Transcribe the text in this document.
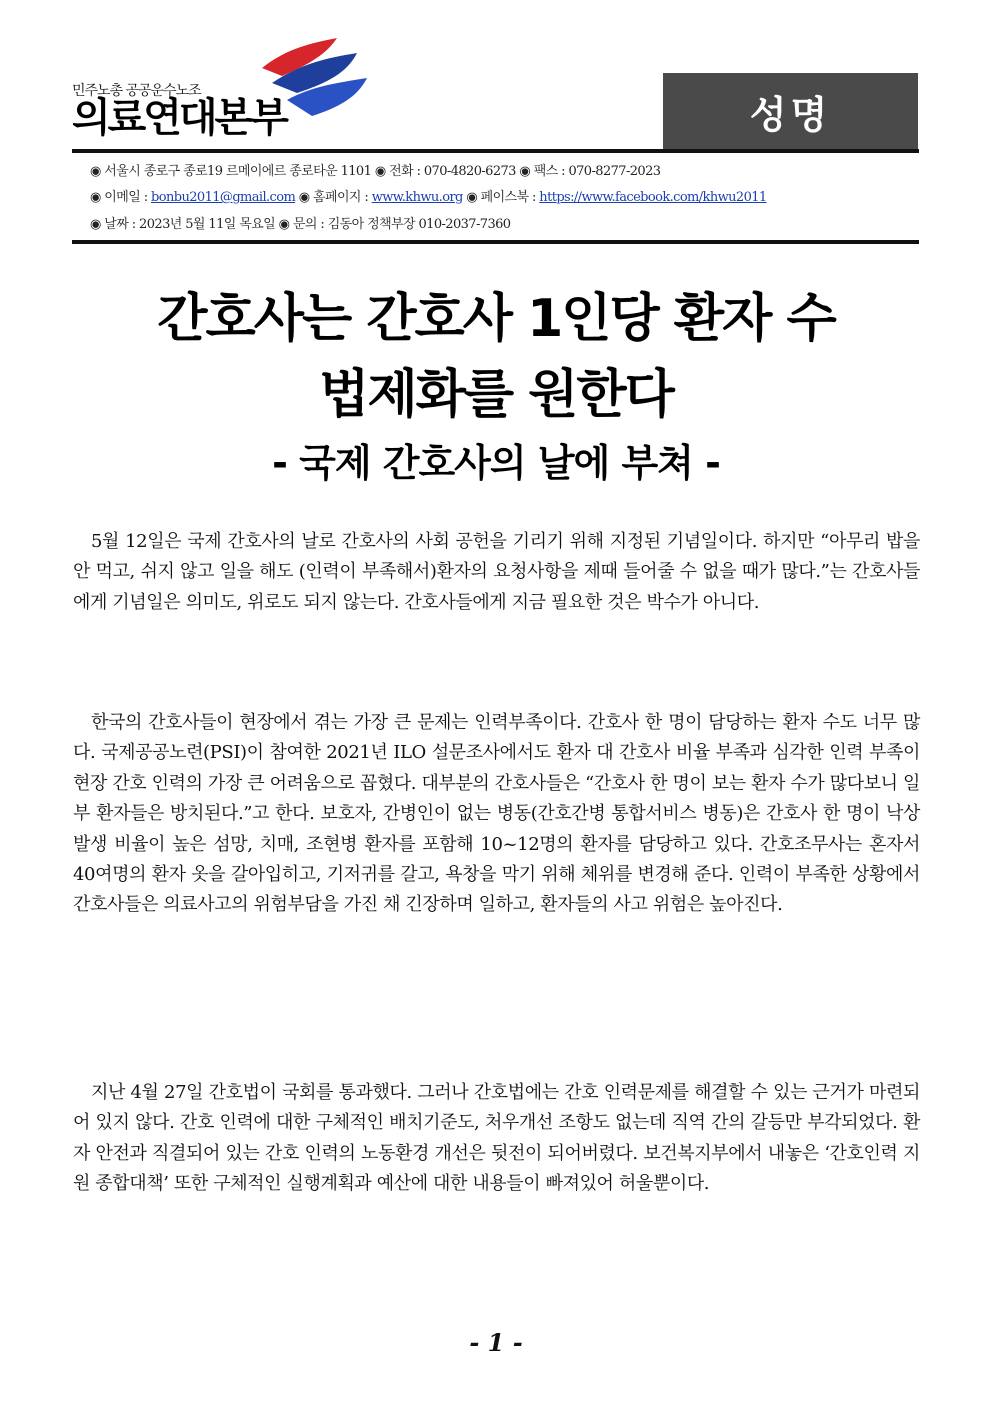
민주노총 공공운수노조
의료연대본부	성명
◉ 서울시 종로구 종로19 르메이에르 종로타운 1101 ◉ 전화 : 070-4820-6273 ◉ 팩스 : 070-8277-2023
◉ 이메일 : bonbu2011@gmail.com ◉ 홈페이지 : www.khwu.org ◉ 페이스북 : https://www.facebook.com/khwu2011
◉ 날짜 : 2023년 5월 11일 목요일 ◉ 문의 : 김동아 정책부장 010-2037-7360
간호사는 간호사 1인당 환자 수
법제화를 원한다
- 국제 간호사의 날에 부쳐 -

5월 12일은 국제 간호사의 날로 간호사의 사회 공헌을 기리기 위해 지정된 기념일이다. 하지만 “아무리 밥을 안 먹고, 쉬지 않고 일을 해도 (인력이 부족해서)환자의 요청사항을 제때 들어줄 수 없을 때가 많다.”는 간호사들에게 기념일은 의미도, 위로도 되지 않는다. 간호사들에게 지금 필요한 것은 박수가 아니다.

한국의 간호사들이 현장에서 겪는 가장 큰 문제는 인력부족이다. 간호사 한 명이 담당하는 환자 수도 너무 많다. 국제공공노련(PSI)이 참여한 2021년 ILO 설문조사에서도 환자 대 간호사 비율 부족과 심각한 인력 부족이 현장 간호 인력의 가장 큰 어려움으로 꼽혔다. 대부분의 간호사들은 “간호사 한 명이 보는 환자 수가 많다보니 일부 환자들은 방치된다.”고 한다. 보호자, 간병인이 없는 병동(간호간병 통합서비스 병동)은 간호사 한 명이 낙상 발생 비율이 높은 섬망, 치매, 조현병 환자를 포함해 10~12명의 환자를 담당하고 있다. 간호조무사는 혼자서 40여명의 환자 옷을 갈아입히고, 기저귀를 갈고, 욕창을 막기 위해 체위를 변경해 준다. 인력이 부족한 상황에서 간호사들은 의료사고의 위험부담을 가진 채 긴장하며 일하고, 환자들의 사고 위험은 높아진다.

지난 4월 27일 간호법이 국회를 통과했다. 그러나 간호법에는 간호 인력문제를 해결할 수 있는 근거가 마련되어 있지 않다. 간호 인력에 대한 구체적인 배치기준도, 처우개선 조항도 없는데 직역 간의 갈등만 부각되었다. 환자 안전과 직결되어 있는 간호 인력의 노동환경 개선은 뒷전이 되어버렸다. 보건복지부에서 내놓은 ‘간호인력 지원 종합대책’ 또한 구체적인 실행계획과 예산에 대한 내용들이 빠져있어 허울뿐이다.

- 1 -
